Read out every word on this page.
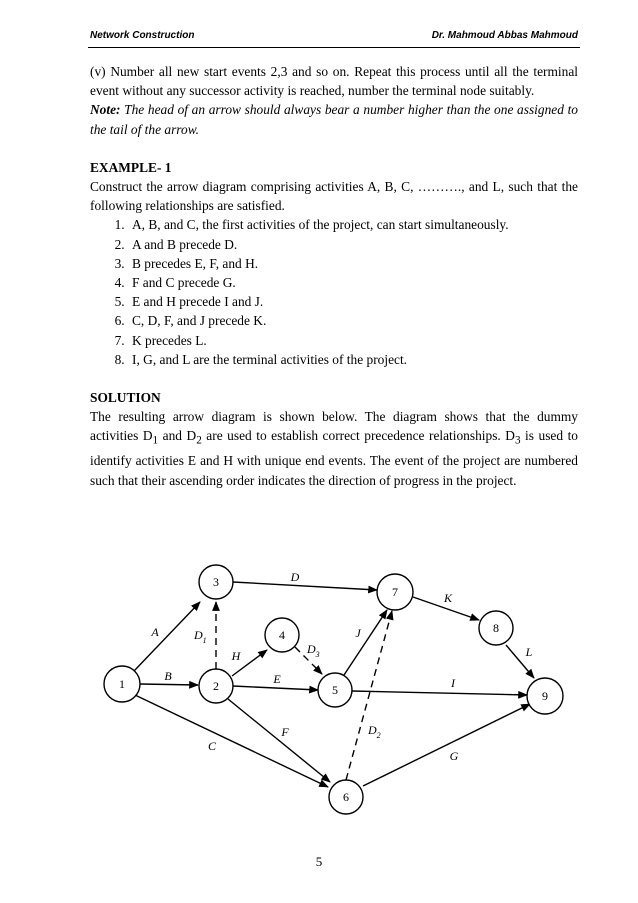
Network Construction	Dr. Mahmoud Abbas Mahmoud

(v) Number all new start events 2,3 and so on. Repeat this process until all the terminal event without any successor activity is reached, number the terminal node suitably.

Note: The head of an arrow should always bear a number higher than the one assigned to the tail of the arrow.

EXAMPLE- 1

Construct the arrow diagram comprising activities A, B, C, ………., and L, such that the following relationships are satisfied.

1. A, B, and C, the first activities of the project, can start simultaneously.
2. A and B precede D.
3. B precedes E, F, and H.
4. F and C precede G.
5. E and H precede I and J.
6. C, D, F, and J precede K.
7. K precedes L.
8. I, G, and L are the terminal activities of the project.

SOLUTION

The resulting arrow diagram is shown below. The diagram shows that the dummy activities $D_1$ and $D_2$ are used to establish correct precedence relationships. $D_3$ is used to identify activities E and H with unique end events. The event of the project are numbered such that their ascending order indicates the direction of progress in the project.

1	2
3
4
5
6
7
8
9
A
B
C
D
E
F
G
H
I
J
K
L
$D_1$
$D_3$
$D_2$
5
